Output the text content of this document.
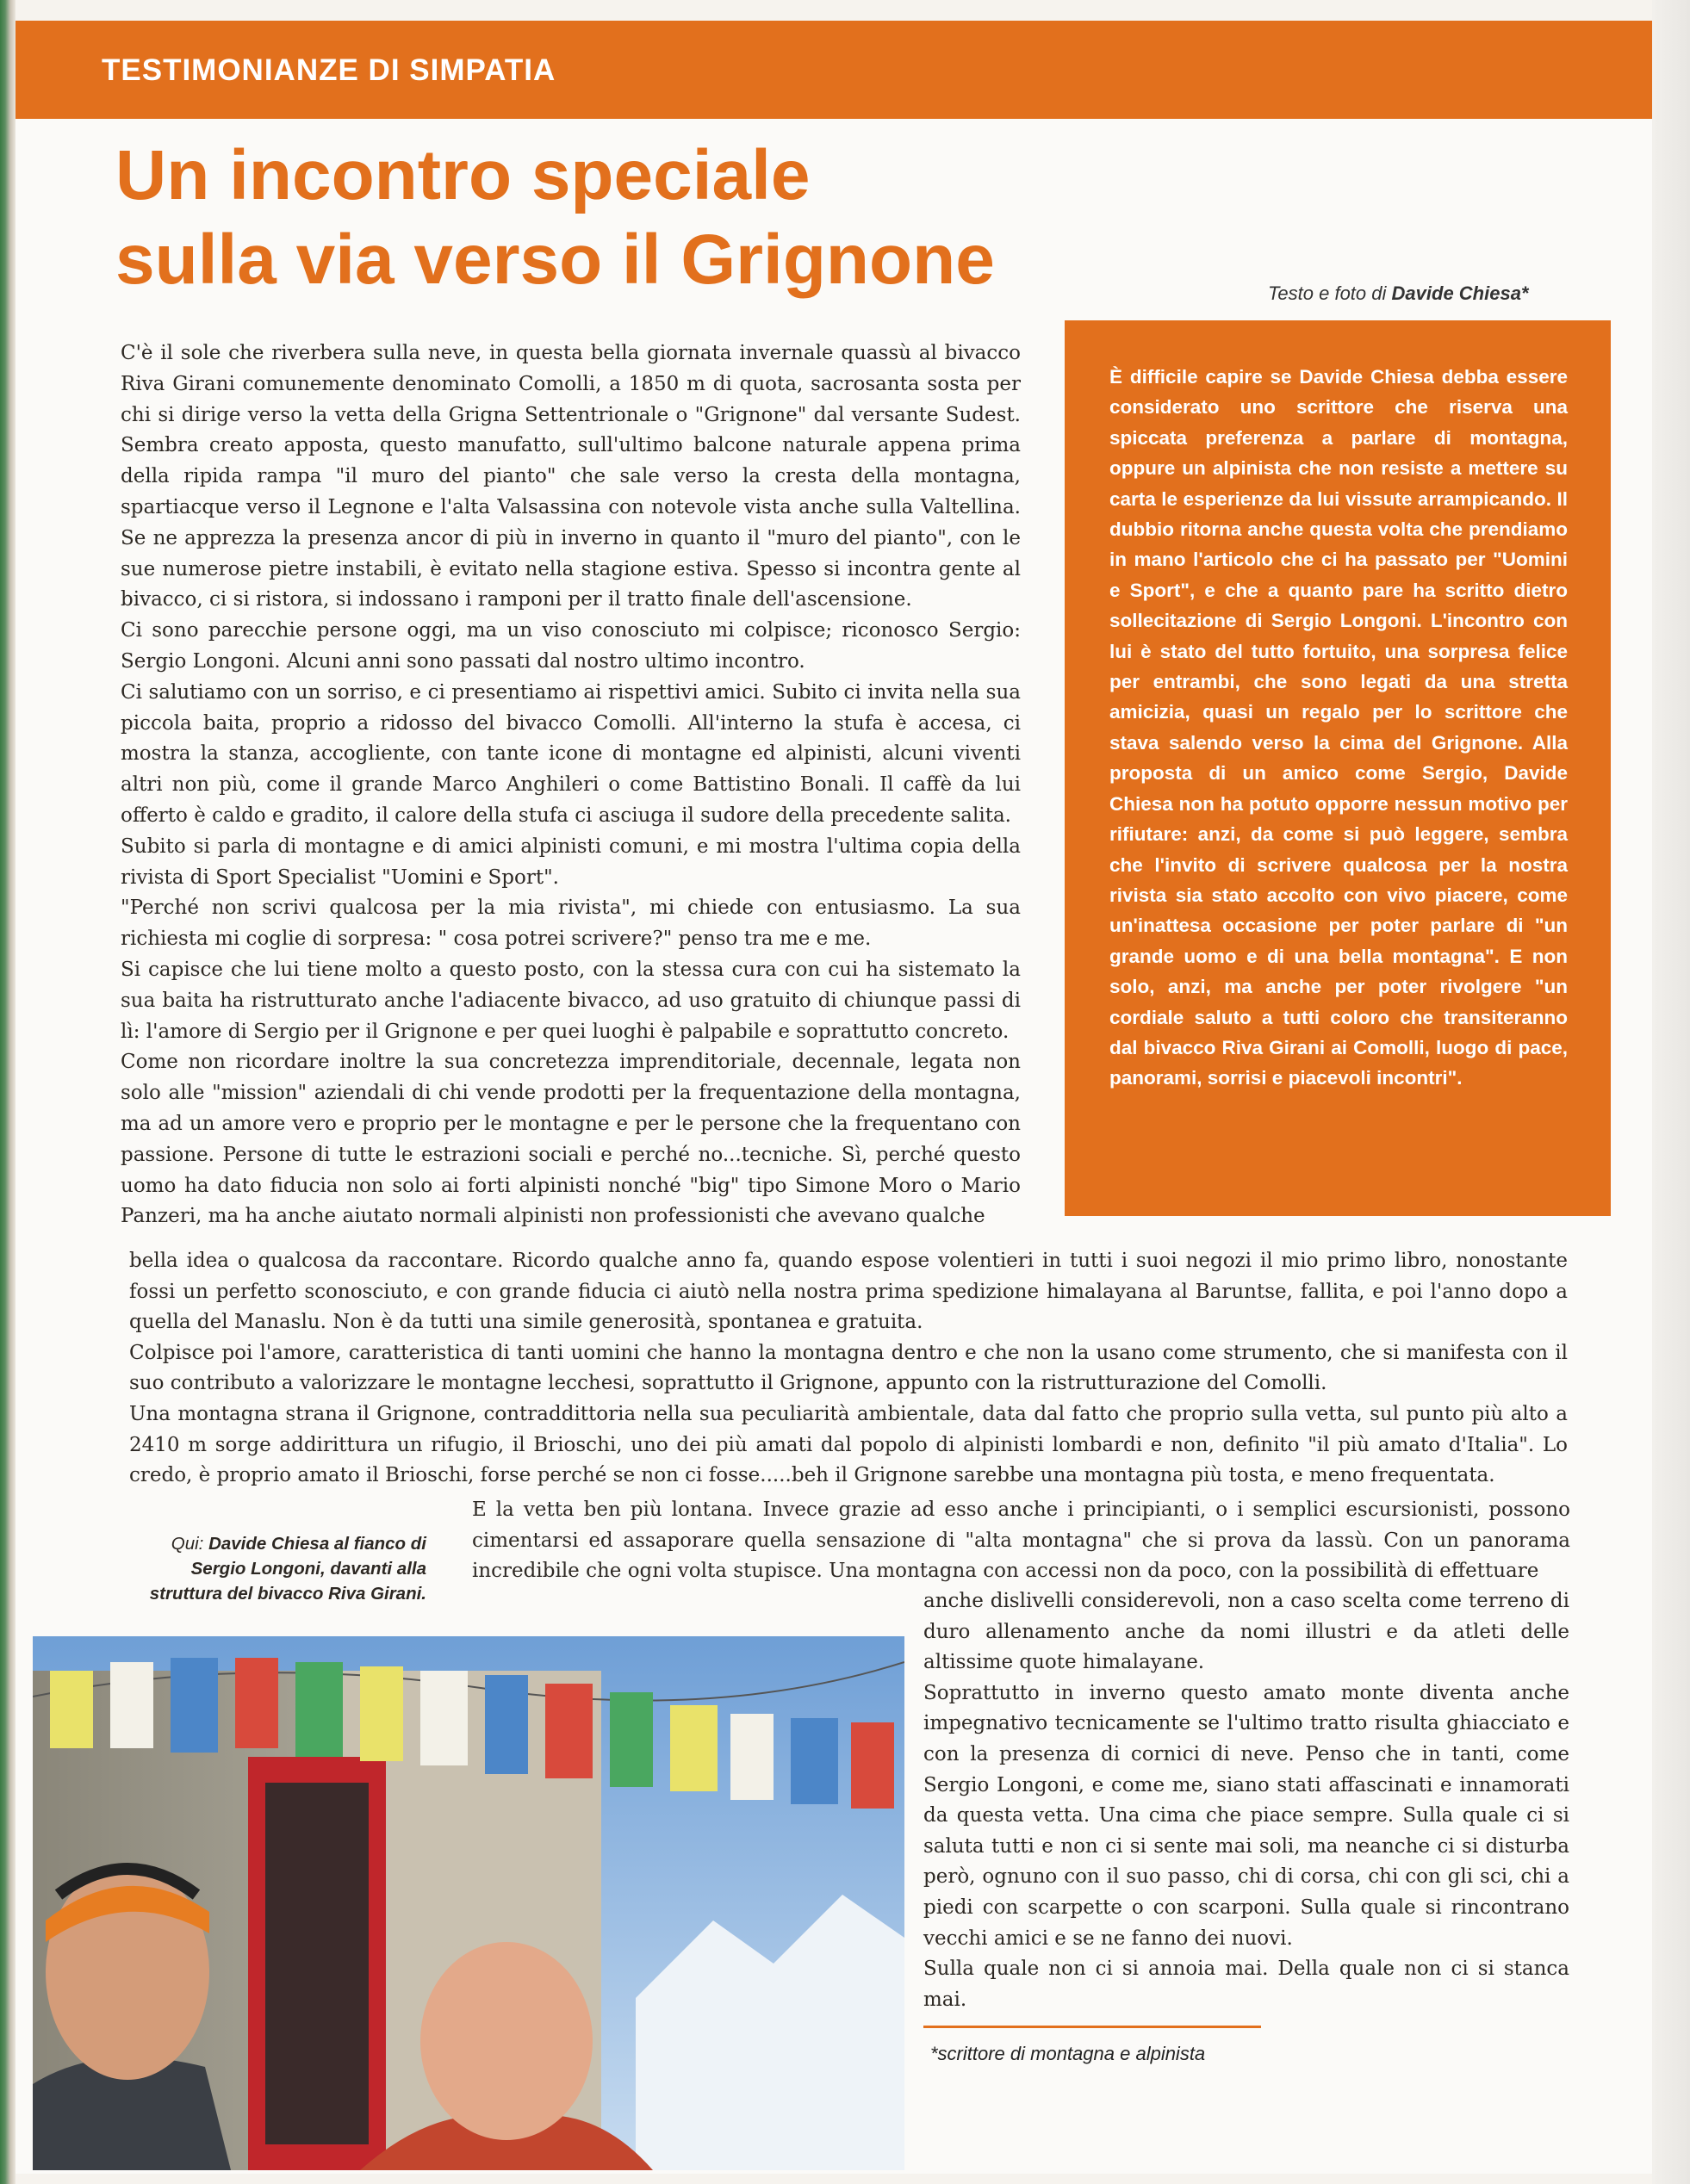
TESTIMONIANZE DI SIMPATIA
Un incontro speciale
sulla via verso il Grignone	Testo e foto di Davide Chiesa*

C'è il sole che riverbera sulla neve, in questa bella giornata invernale quassù al bivacco Riva Girani comunemente denominato Comolli, a 1850 m di quota, sacrosanta sosta per chi si dirige verso la vetta della Grigna Settentrionale o "Grignone" dal versante Sudest. Sembra creato apposta, questo manufatto, sull'ultimo balcone naturale appena prima della ripida rampa "il muro del pianto" che sale verso la cresta della montagna, spartiacque verso il Legnone e l'alta Valsassina con notevole vista anche sulla Valtellina. Se ne apprezza la presenza ancor di più in inverno in quanto il "muro del pianto", con le sue numerose pietre instabili, è evitato nella stagione estiva. Spesso si incontra gente al bivacco, ci si ristora, si indossano i ramponi per il tratto finale dell'ascensione.

Ci sono parecchie persone oggi, ma un viso conosciuto mi colpisce; riconosco Sergio: Sergio Longoni. Alcuni anni sono passati dal nostro ultimo incontro.

Ci salutiamo con un sorriso, e ci presentiamo ai rispettivi amici. Subito ci invita nella sua piccola baita, proprio a ridosso del bivacco Comolli. All'interno la stufa è accesa, ci mostra la stanza, accogliente, con tante icone di montagne ed alpinisti, alcuni viventi altri non più, come il grande Marco Anghileri o come Battistino Bonali. Il caffè da lui offerto è caldo e gradito, il calore della stufa ci asciuga il sudore della precedente salita.

Subito si parla di montagne e di amici alpinisti comuni, e mi mostra l'ultima copia della rivista di Sport Specialist "Uomini e Sport".

"Perché non scrivi qualcosa per la mia rivista", mi chiede con entusiasmo. La sua richiesta mi coglie di sorpresa: " cosa potrei scrivere?" penso tra me e me.

Si capisce che lui tiene molto a questo posto, con la stessa cura con cui ha sistemato la sua baita ha ristrutturato anche l'adiacente bivacco, ad uso gratuito di chiunque passi di lì: l'amore di Sergio per il Grignone e per quei luoghi è palpabile e soprattutto concreto.

Come non ricordare inoltre la sua concretezza imprenditoriale, decennale, legata non solo alle "mission" aziendali di chi vende prodotti per la frequentazione della montagna, ma ad un amore vero e proprio per le montagne e per le persone che la frequentano con passione. Persone di tutte le estrazioni sociali e perché no...tecniche. Sì, perché questo uomo ha dato fiducia non solo ai forti alpinisti nonché "big" tipo Simone Moro o Mario Panzeri, ma ha anche aiutato normali alpinisti non professionisti che avevano qualche

È difficile capire se Davide Chiesa debba essere considerato uno scrittore che riserva una spiccata preferenza a parlare di montagna, oppure un alpinista che non resiste a mettere su carta le esperienze da lui vissute arrampicando. Il dubbio ritorna anche questa volta che prendiamo in mano l'articolo che ci ha passato per "Uomini e Sport", e che a quanto pare ha scritto dietro sollecitazione di Sergio Longoni. L'incontro con lui è stato del tutto fortuito, una sorpresa felice per entrambi, che sono legati da una stretta amicizia, quasi un regalo per lo scrittore che stava salendo verso la cima del Grignone. Alla proposta di un amico come Sergio, Davide Chiesa non ha potuto opporre nessun motivo per rifiutare: anzi, da come si può leggere, sembra che l'invito di scrivere qualcosa per la nostra rivista sia stato accolto con vivo piacere, come un'inattesa occasione per poter parlare di "un grande uomo e di una bella montagna". E non solo, anzi, ma anche per poter rivolgere "un cordiale saluto a tutti coloro che transiteranno dal bivacco Riva Girani ai Comolli, luogo di pace, panorami, sorrisi e piacevoli incontri".

bella idea o qualcosa da raccontare. Ricordo qualche anno fa, quando espose volentieri in tutti i suoi negozi il mio primo libro, nonostante fossi un perfetto sconosciuto, e con grande fiducia ci aiutò nella nostra prima spedizione himalayana al Baruntse, fallita, e poi l'anno dopo a quella del Manaslu. Non è da tutti una simile generosità, spontanea e gratuita.

Colpisce poi l'amore, caratteristica di tanti uomini che hanno la montagna dentro e che non la usano come strumento, che si manifesta con il suo contributo a valorizzare le montagne lecchesi, soprattutto il Grignone, appunto con la ristrutturazione del Comolli.

Una montagna strana il Grignone, contraddittoria nella sua peculiarità ambientale, data dal fatto che proprio sulla vetta, sul punto più alto a 2410 m sorge addirittura un rifugio, il Brioschi, uno dei più amati dal popolo di alpinisti lombardi e non, definito "il più amato d'Italia". Lo credo, è proprio amato il Brioschi, forse perché se non ci fosse.....beh il Grignone sarebbe una montagna più tosta, e meno frequentata.

E la vetta ben più lontana. Invece grazie ad esso anche i principianti, o i semplici escursionisti, possono cimentarsi ed assaporare quella sensazione di "alta montagna" che si prova da lassù. Con un panorama incredibile che ogni volta stupisce. Una montagna con accessi non da poco, con la possibilità di effettuare

Qui: Davide Chiesa al fianco di Sergio Longoni, davanti alla struttura del bivacco Riva Girani.	anche dislivelli considerevoli, non a caso scelta come terreno di duro allenamento anche da nomi illustri e da atleti delle altissime quote himalayane.

Soprattutto in inverno questo amato monte diventa anche impegnativo tecnicamente se l'ultimo tratto risulta ghiacciato e con la presenza di cornici di neve. Penso che in tanti, come Sergio Longoni, e come me, siano stati affascinati e innamorati da questa vetta. Una cima che piace sempre. Sulla quale ci si saluta tutti e non ci si sente mai soli, ma neanche ci si disturba però, ognuno con il suo passo, chi di corsa, chi con gli sci, chi a piedi con scarpette o con scarponi. Sulla quale si rincontrano vecchi amici e se ne fanno dei nuovi.

Sulla quale non ci si annoia mai. Della quale non ci si stanca mai.

*scrittore di montagna e alpinista
